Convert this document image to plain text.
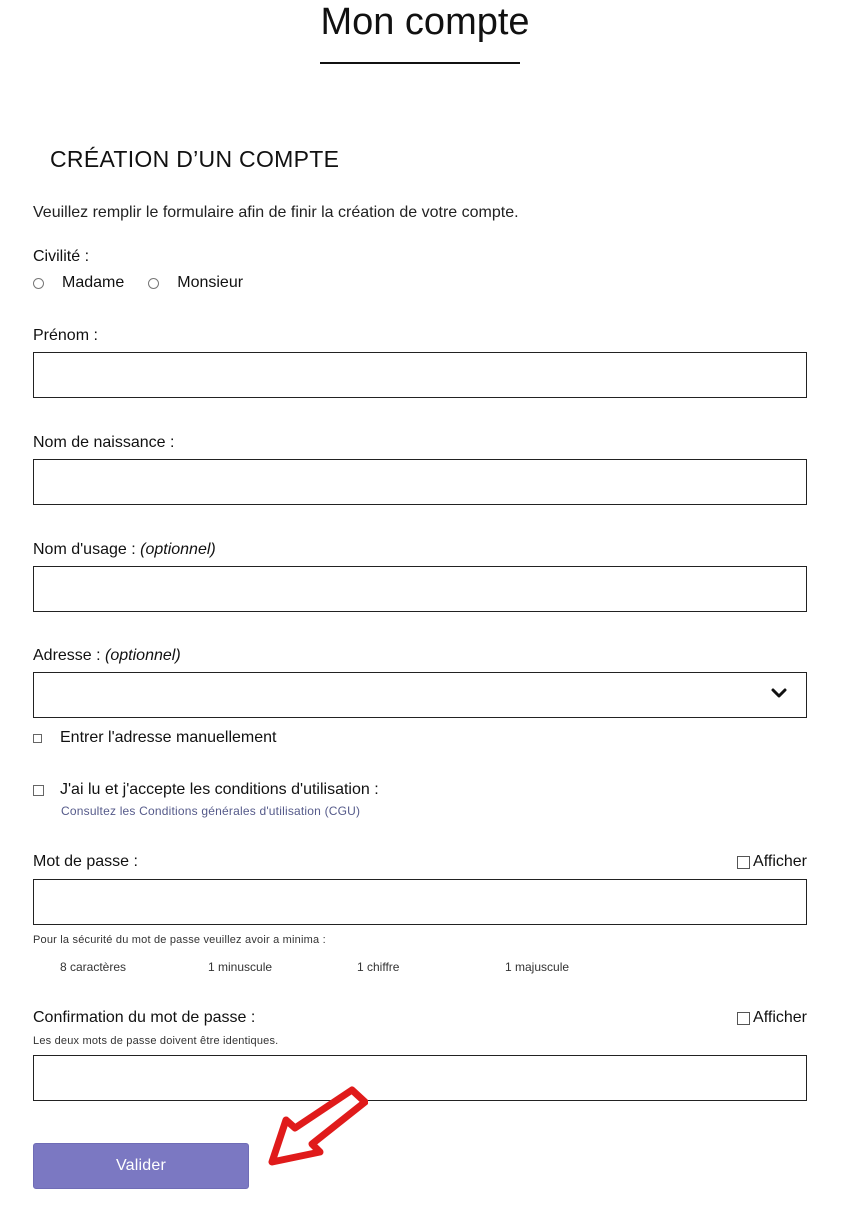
Mon compte
CRÉATION D’UN COMPTE
Veuillez remplir le formulaire afin de finir la création de votre compte.
Civilité :
Madame	Monsieur
Prénom :
Nom de naissance :
Nom d'usage : (optionnel)
Adresse : (optionnel)
Entrer l'adresse manuellement
J'ai lu et j'accepte les conditions d'utilisation :
Consultez les Conditions générales d'utilisation (CGU)
Mot de passe :	Afficher
Pour la sécurité du mot de passe veuillez avoir a minima :
8 caractères	1 minuscule	1 chiffre	1 majuscule
Confirmation du mot de passe :	Afficher
Les deux mots de passe doivent être identiques.
Valider
